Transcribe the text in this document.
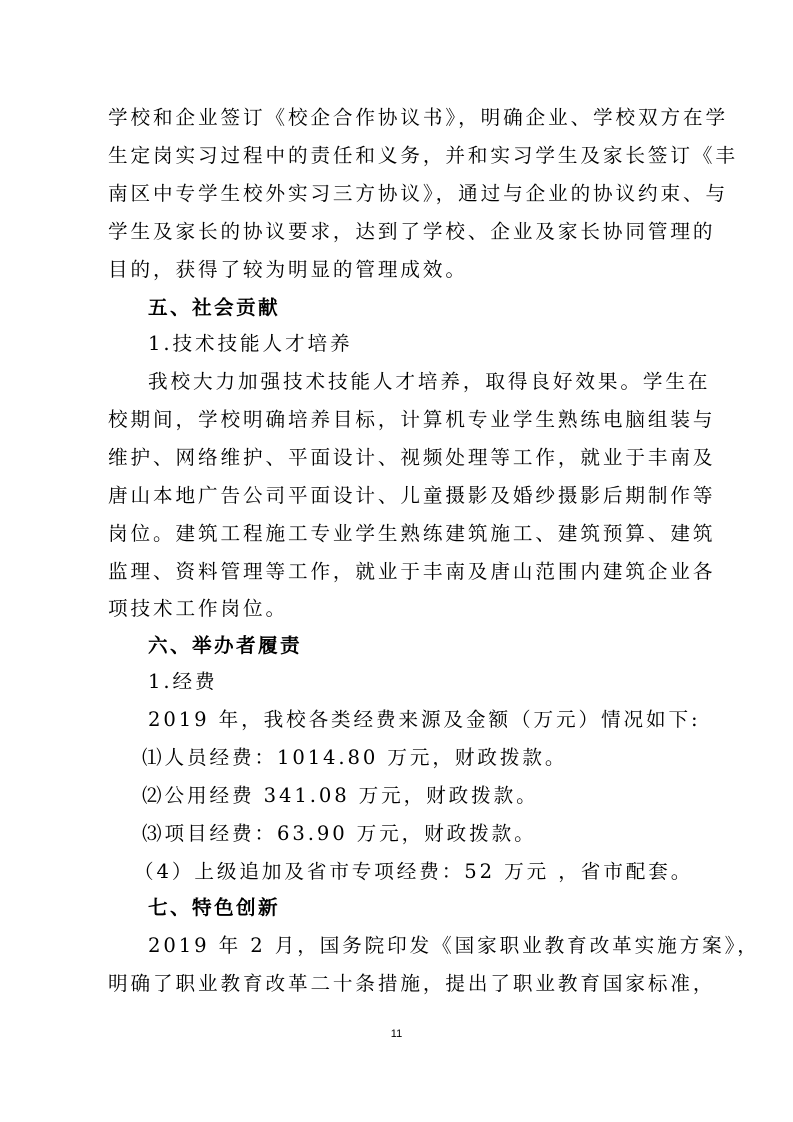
学校和企业签订《校企合作协议书》，明确企业、学校双方在学
生定岗实习过程中的责任和义务，并和实习学生及家长签订《丰
南区中专学生校外实习三方协议》，通过与企业的协议约束、与
学生及家长的协议要求，达到了学校、企业及家长协同管理的
目的，获得了较为明显的管理成效。
五、社会贡献
1.技术技能人才培养
我校大力加强技术技能人才培养，取得良好效果。学生在
校期间，学校明确培养目标，计算机专业学生熟练电脑组装与
维护、网络维护、平面设计、视频处理等工作，就业于丰南及
唐山本地广告公司平面设计、儿童摄影及婚纱摄影后期制作等
岗位。建筑工程施工专业学生熟练建筑施工、建筑预算、建筑
监理、资料管理等工作，就业于丰南及唐山范围内建筑企业各
项技术工作岗位。
六、举办者履责
1.经费
2019 年，我校各类经费来源及金额（万元）情况如下:
⑴人员经费：1014.80 万元，财政拨款。
⑵公用经费 341.08 万元，财政拨款。
⑶项目经费：63.90 万元，财政拨款。
（4）上级追加及省市专项经费：52 万元 ，省市配套。
七、特色创新
2019 年 2 月，国务院印发《国家职业教育改革实施方案》，
明确了职业教育改革二十条措施，提出了职业教育国家标准，
11
